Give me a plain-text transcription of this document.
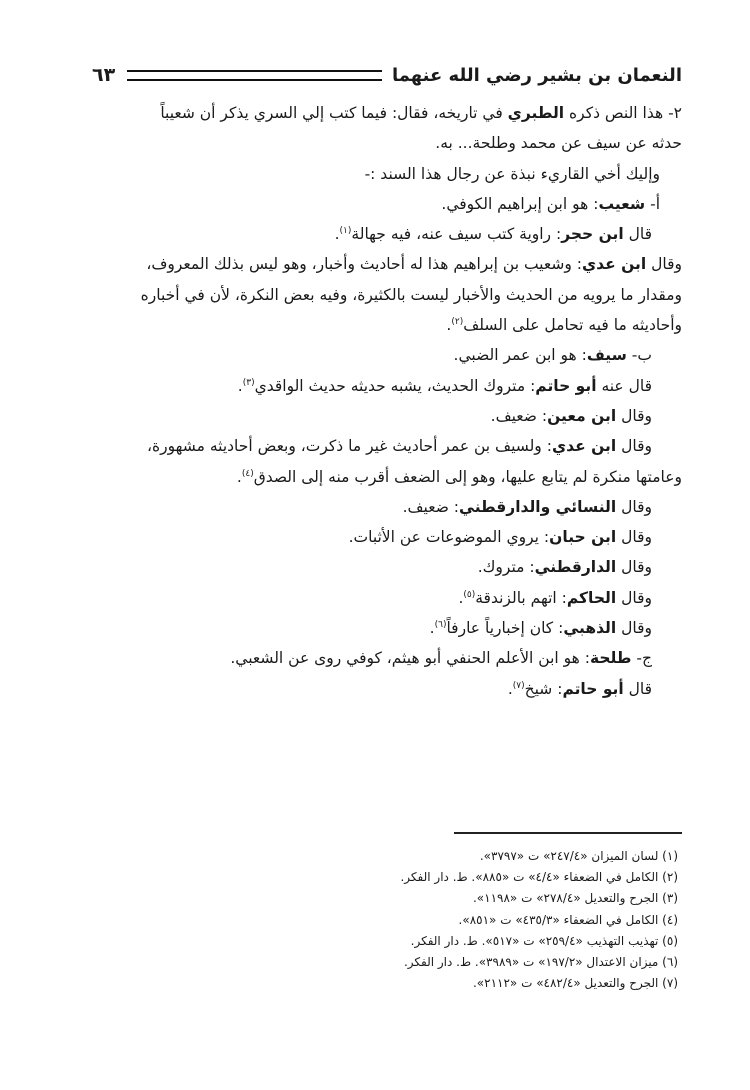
النعمان بن بشير رضي الله عنهما
٦٣
٢- هذا النص ذكره الطبري في تاريخه، فقال: فيما كتب إلي السري يذكر أن شعيباً
حدثه عن سيف عن محمد وطلحة... به.
وإليك أخي القاريء نبذة عن رجال هذا السند :-
أ- شعيب: هو ابن إبراهيم الكوفي.
قال ابن حجر: راوية كتب سيف عنه، فيه جهالة$^{(١)}$.
وقال ابن عدي: وشعيب بن إبراهيم هذا له أحاديث وأخبار، وهو ليس بذلك المعروف،
ومقدار ما يرويه من الحديث والأخبار ليست بالكثيرة، وفيه بعض النكرة، لأن في أخباره
وأحاديثه ما فيه تحامل على السلف$^{(٢)}$.
ب- سيف: هو ابن عمر الضبي.
قال عنه أبو حاتم: متروك الحديث، يشبه حديثه حديث الواقدي$^{(٣)}$.
وقال ابن معين: ضعيف.
وقال ابن عدي: ولسيف بن عمر أحاديث غير ما ذكرت، وبعض أحاديثه مشهورة،
وعامتها منكرة لم يتابع عليها، وهو إلى الضعف أقرب منه إلى الصدق$^{(٤)}$.
وقال النسائي والدارقطني: ضعيف.
وقال ابن حبان: يروي الموضوعات عن الأثبات.
وقال الدارقطني: متروك.
وقال الحاكم: اتهم بالزندقة$^{(٥)}$.
وقال الذهبي: كان إخبارياً عارفاً$^{(٦)}$.
ج- طلحة: هو ابن الأعلم الحنفي أبو هيثم، كوفي روى عن الشعبي.
قال أبو حاتم: شيخ$^{(٧)}$.
(١) لسان الميزان «٢٤٧/٤» ت «٣٧٩٧».
(٢) الكامل في الضعفاء «٤/٤» ت «٨٨٥». ط. دار الفكر.
(٣) الجرح والتعديل «٢٧٨/٤» ت «١١٩٨».
(٤) الكامل في الضعفاء «٤٣٥/٣» ت «٨٥١».
(٥) تهذيب التهذيب «٢٥٩/٤» ت «٥١٧». ط. دار الفكر.
(٦) ميزان الاعتدال «١٩٧/٢» ت «٣٩٨٩». ط. دار الفكر.
(٧) الجرح والتعديل «٤٨٢/٤» ت «٢١١٢».
